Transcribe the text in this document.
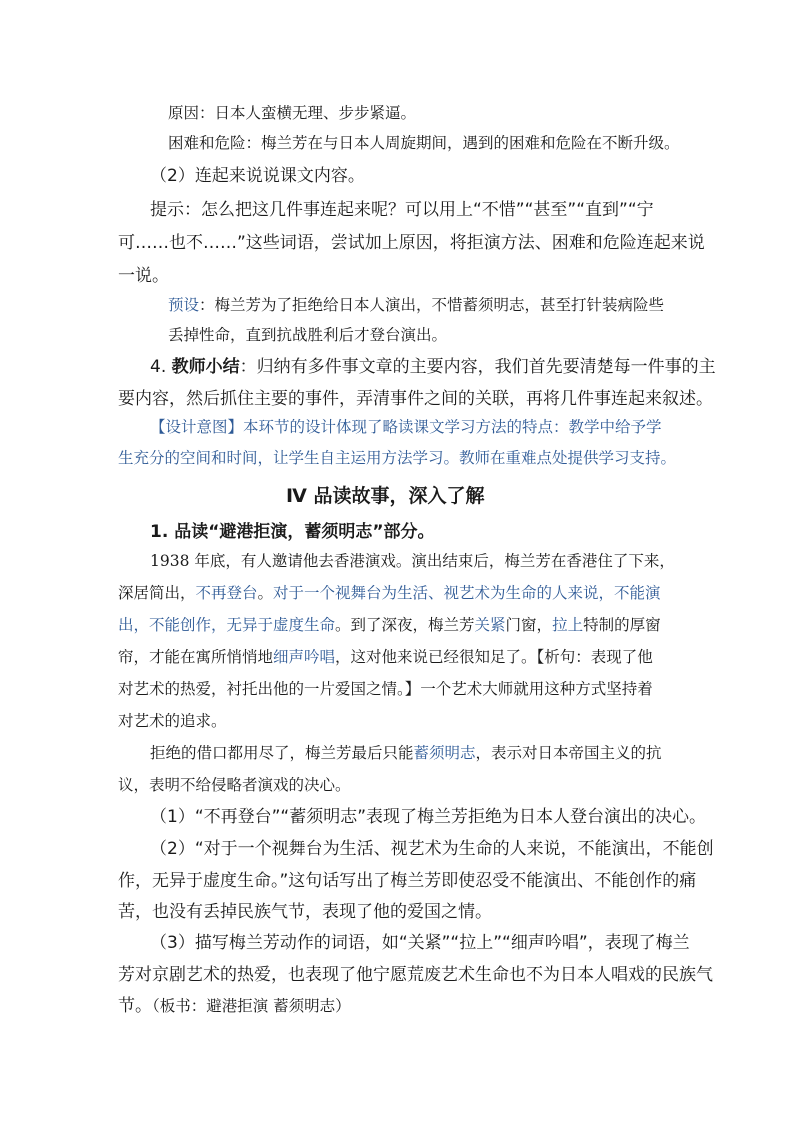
原因：日本人蛮横无理、步步紧逼。
困难和危险：梅兰芳在与日本人周旋期间，遇到的困难和危险在不断升级。
（2）连起来说说课文内容。
提示：怎么把这几件事连起来呢？可以用上“不惜”“甚至”“直到”“宁
可……也不……”这些词语，尝试加上原因，将拒演方法、困难和危险连起来说
一说。
预设：梅兰芳为了拒绝给日本人演出，不惜蓄须明志，甚至打针装病险些
丢掉性命，直到抗战胜利后才登台演出。
4. 教师小结：归纳有多件事文章的主要内容，我们首先要清楚每一件事的主
要内容，然后抓住主要的事件，弄清事件之间的关联，再将几件事连起来叙述。
【设计意图】本环节的设计体现了略读课文学习方法的特点：教学中给予学
生充分的空间和时间，让学生自主运用方法学习。教师在重难点处提供学习支持。
Ⅳ 品读故事，深入了解
1. 品读“避港拒演，蓄须明志”部分。
1938 年底，有人邀请他去香港演戏。演出结束后，梅兰芳在香港住了下来，
深居简出，不再登台。对于一个视舞台为生活、视艺术为生命的人来说，不能演
出，不能创作，无异于虚度生命。到了深夜，梅兰芳关紧门窗，拉上特制的厚窗
帘，才能在寓所悄悄地细声吟唱，这对他来说已经很知足了。【析句：表现了他
对艺术的热爱，衬托出他的一片爱国之情。】一个艺术大师就用这种方式坚持着
对艺术的追求。
拒绝的借口都用尽了，梅兰芳最后只能蓄须明志，表示对日本帝国主义的抗
议，表明不给侵略者演戏的决心。
（1）“不再登台”“蓄须明志”表现了梅兰芳拒绝为日本人登台演出的决心。
（2）“对于一个视舞台为生活、视艺术为生命的人来说，不能演出，不能创
作，无异于虚度生命。”这句话写出了梅兰芳即使忍受不能演出、不能创作的痛
苦，也没有丢掉民族气节，表现了他的爱国之情。
（3）描写梅兰芳动作的词语，如“关紧”“拉上”“细声吟唱”，表现了梅兰
芳对京剧艺术的热爱，也表现了他宁愿荒废艺术生命也不为日本人唱戏的民族气
节。（板书：避港拒演 蓄须明志）
